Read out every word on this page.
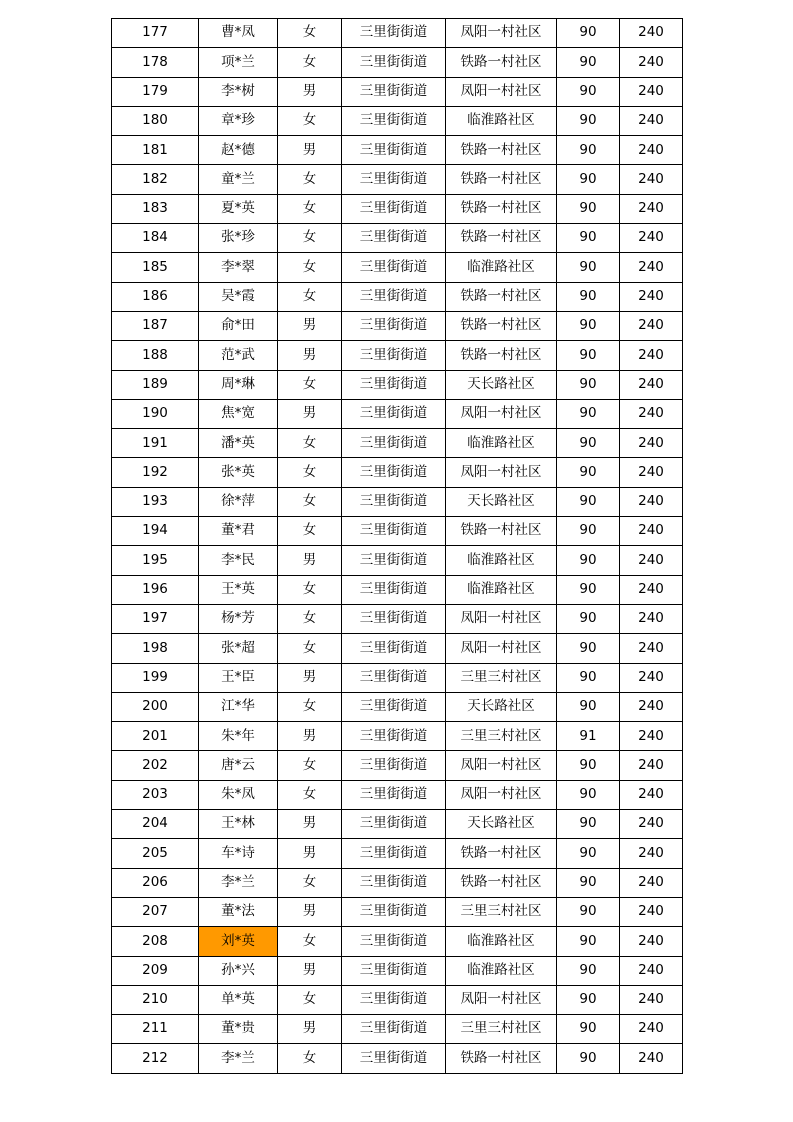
177	曹*凤	女	三里街街道	凤阳一村社区	90	240
178	项*兰	女	三里街街道	铁路一村社区	90	240
179	李*树	男	三里街街道	凤阳一村社区	90	240
180	章*珍	女	三里街街道	临淮路社区	90	240
181	赵*德	男	三里街街道	铁路一村社区	90	240
182	童*兰	女	三里街街道	铁路一村社区	90	240
183	夏*英	女	三里街街道	铁路一村社区	90	240
184	张*珍	女	三里街街道	铁路一村社区	90	240
185	李*翠	女	三里街街道	临淮路社区	90	240
186	吴*霞	女	三里街街道	铁路一村社区	90	240
187	俞*田	男	三里街街道	铁路一村社区	90	240
188	范*武	男	三里街街道	铁路一村社区	90	240
189	周*琳	女	三里街街道	天长路社区	90	240
190	焦*宽	男	三里街街道	凤阳一村社区	90	240
191	潘*英	女	三里街街道	临淮路社区	90	240
192	张*英	女	三里街街道	凤阳一村社区	90	240
193	徐*萍	女	三里街街道	天长路社区	90	240
194	董*君	女	三里街街道	铁路一村社区	90	240
195	李*民	男	三里街街道	临淮路社区	90	240
196	王*英	女	三里街街道	临淮路社区	90	240
197	杨*芳	女	三里街街道	凤阳一村社区	90	240
198	张*超	女	三里街街道	凤阳一村社区	90	240
199	王*臣	男	三里街街道	三里三村社区	90	240
200	江*华	女	三里街街道	天长路社区	90	240
201	朱*年	男	三里街街道	三里三村社区	91	240
202	唐*云	女	三里街街道	凤阳一村社区	90	240
203	朱*凤	女	三里街街道	凤阳一村社区	90	240
204	王*林	男	三里街街道	天长路社区	90	240
205	车*诗	男	三里街街道	铁路一村社区	90	240
206	李*兰	女	三里街街道	铁路一村社区	90	240
207	董*法	男	三里街街道	三里三村社区	90	240
208	刘*英	女	三里街街道	临淮路社区	90	240
209	孙*兴	男	三里街街道	临淮路社区	90	240
210	单*英	女	三里街街道	凤阳一村社区	90	240
211	董*贵	男	三里街街道	三里三村社区	90	240
212	李*兰	女	三里街街道	铁路一村社区	90	240
